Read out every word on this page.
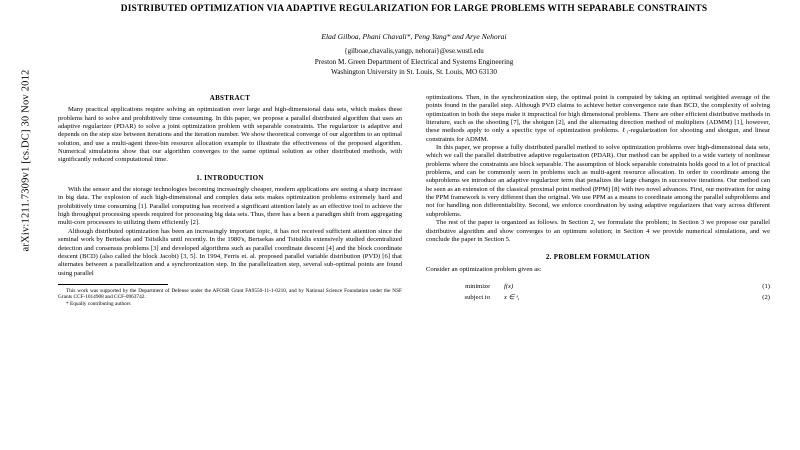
arXiv:1211.7309v1 [cs.DC] 30 Nov 2012
DISTRIBUTED OPTIMIZATION VIA ADAPTIVE REGULARIZATION FOR LARGE PROBLEMS WITH SEPARABLE CONSTRAINTS
Elad Gilboa, Phani Chavali*, Peng Yang* and Arye Nehorai
{gilboae,chavalis,yangp, nehorai}@ese.wustl.edu
Preston M. Green Department of Electrical and Systems Engineering
Washington University in St. Louis, St. Louis, MO 63130
ABSTRACT

Many practical applications require solving an optimization over large and high-dimensional data sets, which makes these problems hard to solve and prohibitively time consuming. In this paper, we propose a parallel distributed algorithm that uses an adaptive regularizer (PDAR) to solve a joint optimization problem with separable constraints. The regularizer is adaptive and depends on the step size between iterations and the iteration number. We show theoretical converge of our algorithm to an optimal solution, and use a multi-agent three-bin resource allocation example to illustrate the effectiveness of the proposed algorithm. Numerical simulations show that our algorithm converges to the same optimal solution as other distributed methods, with significantly reduced computational time.

1. INTRODUCTION

With the sensor and the storage technologies becoming increasingly cheaper, modern applications are seeing a sharp increase in big data. The explosion of such high-dimensional and complex data sets makes optimization problems extremely hard and prohibitively time consuming [1]. Parallel computing has received a significant attention lately as an effective tool to achieve the high throughput processing speeds required for processing big data sets. Thus, there has a been a paradigm shift from aggregating multi-core processors to utilizing them efficiently [2].

Although distributed optimization has been an increasingly important topic, it has not received sufficient attention since the seminal work by Bertsekas and Tsitsiklis until recently. In the 1980's, Bertsekas and Tsitsiklis extensively studied decentralized detection and consensus problems [3] and developed algorithms such as parallel coordinate descent [4] and the block coordinate descent (BCD) (also called the block Jacobi) [3, 5]. In 1994, Ferris et. al. proposed parallel variable distribution (PVD) [6] that alternates between a parallelization and a synchronization step. In the parallelization step, several sub-optimal points are found using parallel

This work was supported by the Department of Defense under the AFOSR Grant FA9550-11-1-0210, and by National Science Foundation under the NSF Grants CCF-1014908 and CCF-0963742.
* Equally contributing authors

optimizations. Then, in the synchronization step, the optimal point is computed by taking an optimal weighted average of the points found in the parallel step. Although PVD claims to achieve better convergence rate than BCD, the complexity of solving optimization in both the steps make it impractical for high dimensional problems. There are other efficient distributive methods in literature, such as the shooting [7], the shotgun [2], and the alternating direction method of multipliers (ADMM) [1], however, these methods apply to only a specific type of optimization problems. ℓ₁-regularization for shooting and shotgun, and linear constraints for ADMM.

In this paper, we propose a fully distributed parallel method to solve optimization problems over high-dimensional data sets, which we call the parallel distributive adaptive regularization (PDAR). Our method can be applied to a wide variety of nonlinear problems where the constraints are block separable. The assumption of block separable constraints holds good in a lot of practical problems, and can be commonly seen in problems such as multi-agent resource allocation. In order to coordinate among the subproblems we introduce an adaptive regularizer term that penalizes the large changes in successive iterations. Our method can be seen as an extension of the classical proximal point method (PPM) [8] with two novel advances. First, our motivation for using the PPM framework is very different than the original. We use PPM as a means to coordinate among the parallel subproblems and not for handling non differentiability. Second, we enforce coordination by using adaptive regularizers that vary across different subproblems.

The rest of the paper is organized as follows. In Section 2, we formulate the problem; in Section 3 we propose our parallel distributive algorithm and show converges to an optimum solution; in Section 4 we provide numerical simulations, and we conclude the paper in Section 5.

2. PROBLEM FORMULATION

Consider an optimization problem given as:

minimize	f(х)	(1)
subject to	х ∈ ᵊ,	(2)
